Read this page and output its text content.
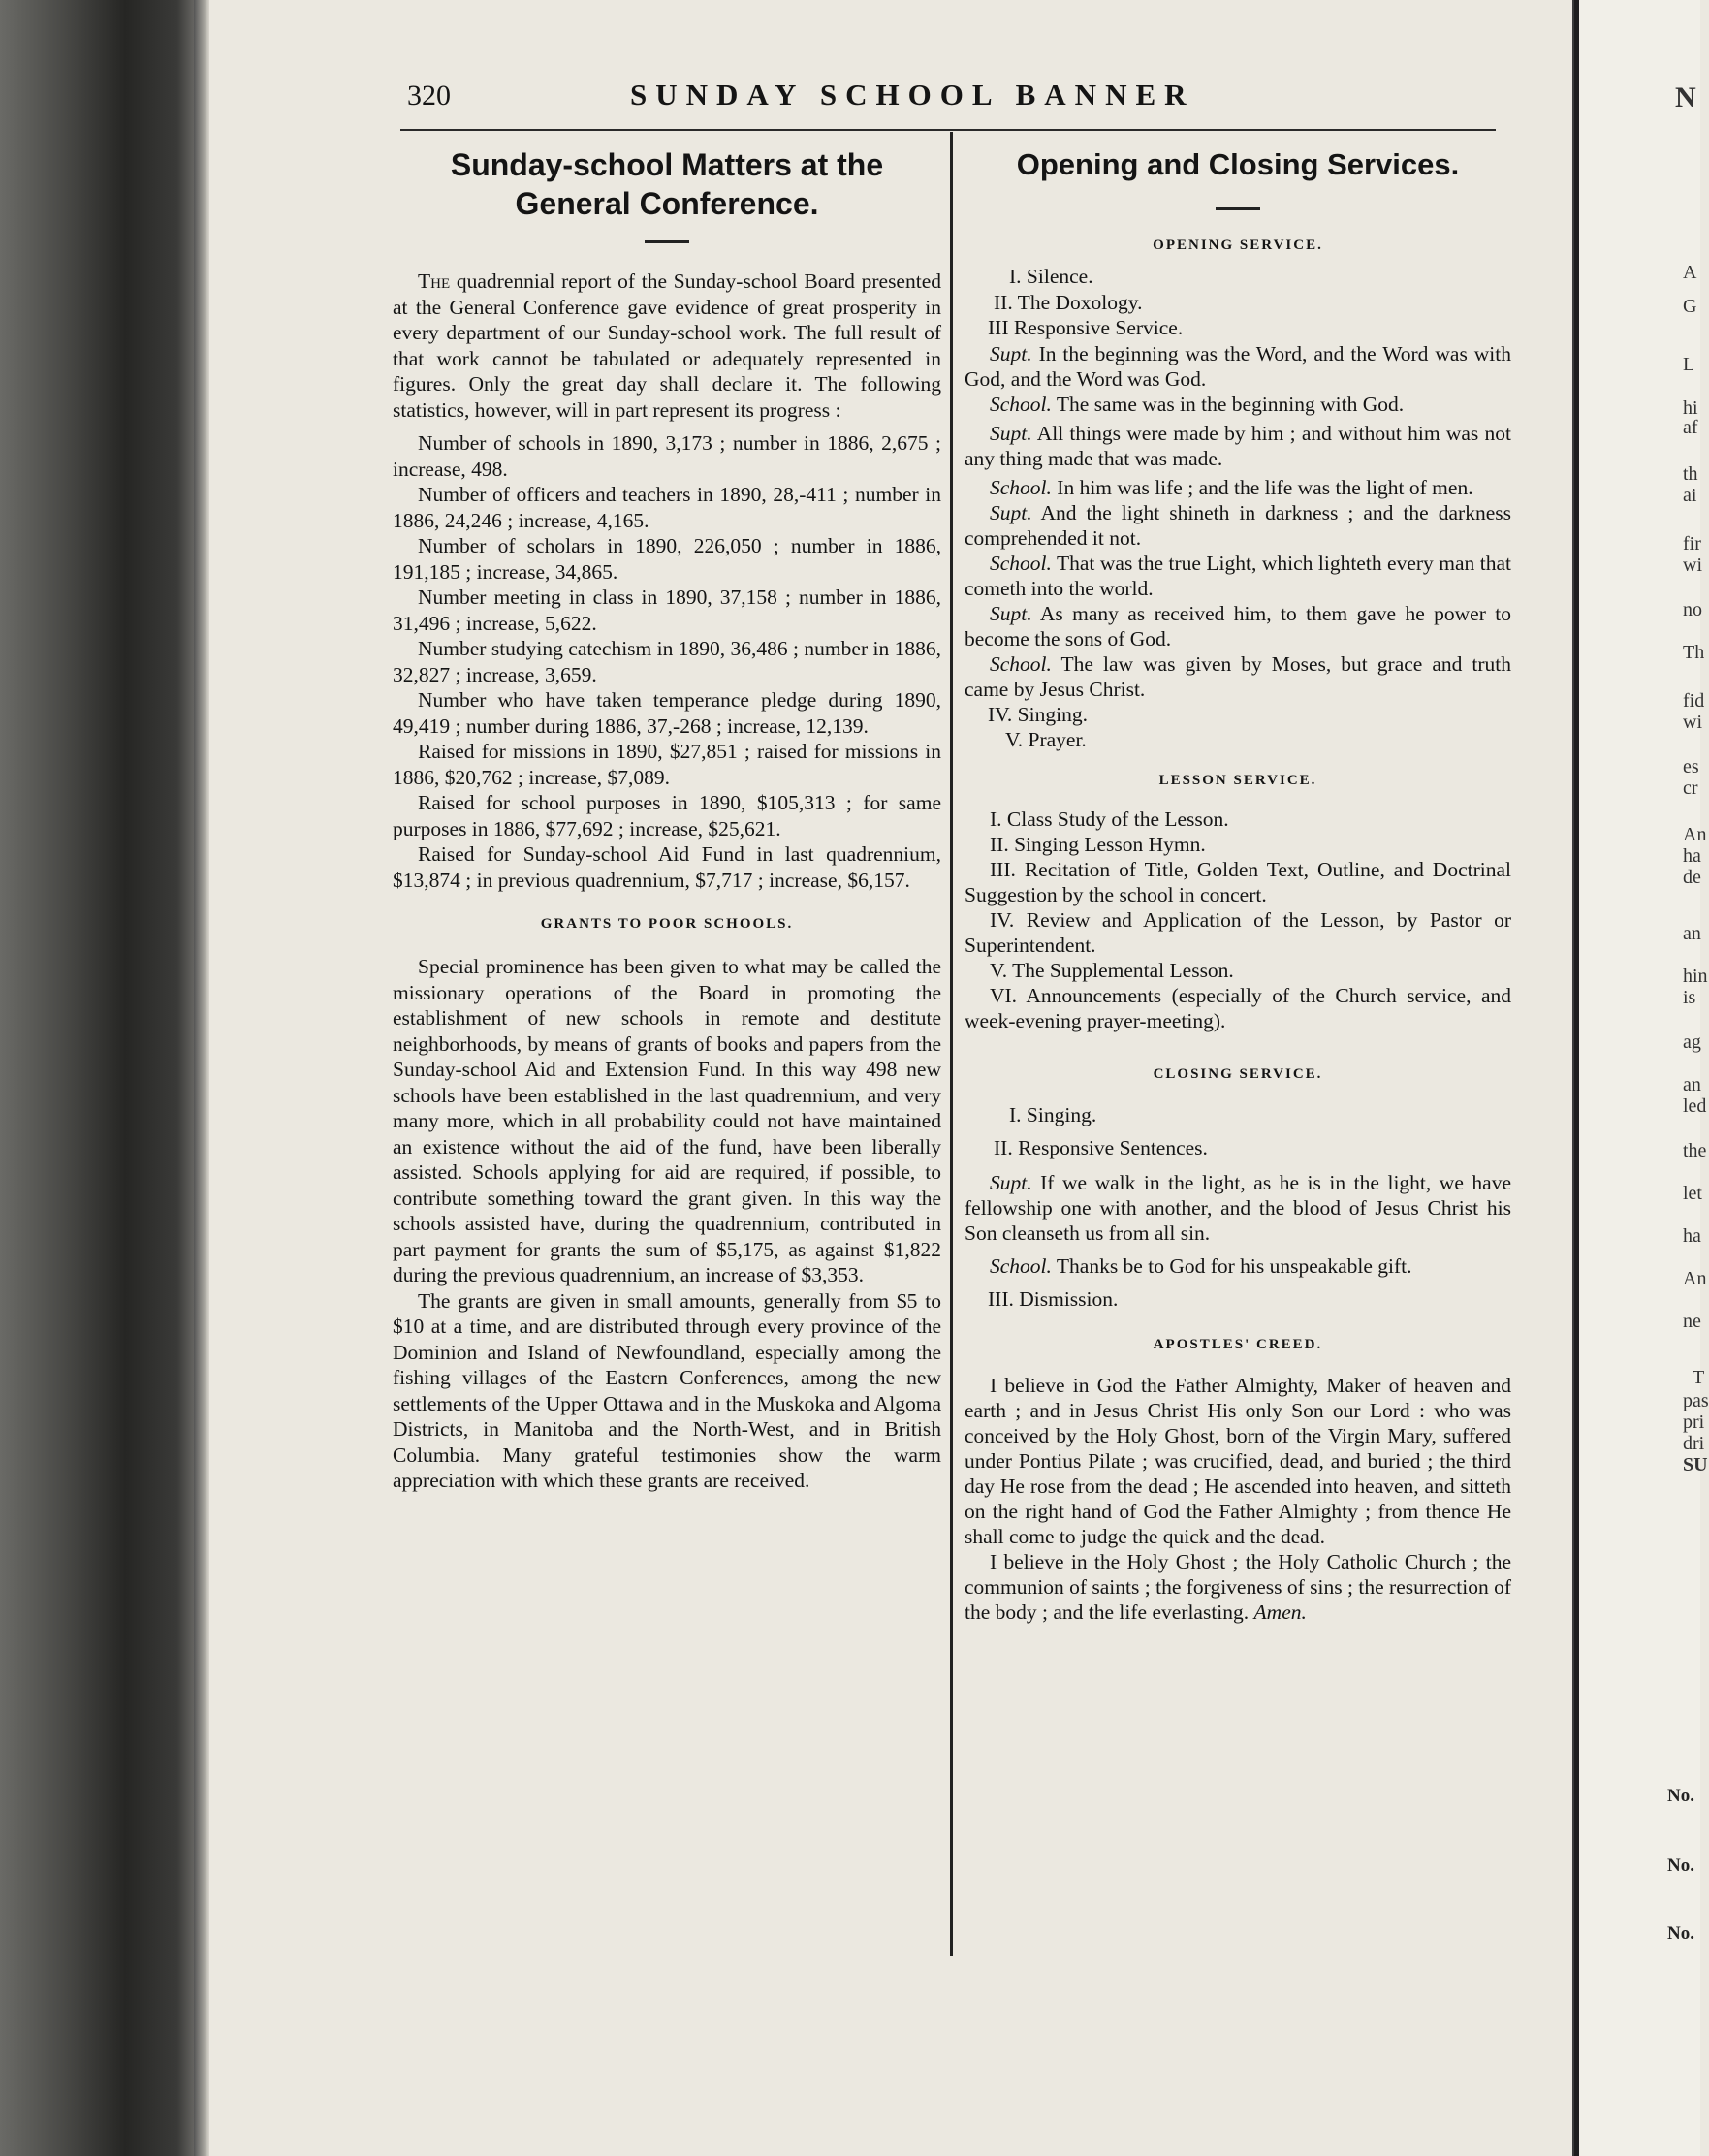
320	SUNDAY SCHOOL BANNER
Sunday-school Matters at the
General Conference.

The quadrennial report of the Sunday-school Board presented at the General Conference gave evidence of great prosperity in every department of our Sunday-school work. The full result of that work cannot be tabulated or adequately represented in figures. Only the great day shall declare it. The following statistics, however, will in part represent its progress :

Number of schools in 1890, 3,173 ; number in 1886, 2,675 ; increase, 498.

Number of officers and teachers in 1890, 28,-411 ; number in 1886, 24,246 ; increase, 4,165.

Number of scholars in 1890, 226,050 ; number in 1886, 191,185 ; increase, 34,865.

Number meeting in class in 1890, 37,158 ; number in 1886, 31,496 ; increase, 5,622.

Number studying catechism in 1890, 36,486 ; number in 1886, 32,827 ; increase, 3,659.

Number who have taken temperance pledge during 1890, 49,419 ; number during 1886, 37,-268 ; increase, 12,139.

Raised for missions in 1890, $27,851 ; raised for missions in 1886, $20,762 ; increase, $7,089.

Raised for school purposes in 1890, $105,313 ; for same purposes in 1886, $77,692 ; increase, $25,621.

Raised for Sunday-school Aid Fund in last quadrennium, $13,874 ; in previous quadrennium, $7,717 ; increase, $6,157.

GRANTS TO POOR SCHOOLS.

Special prominence has been given to what may be called the missionary operations of the Board in promoting the establishment of new schools in remote and destitute neighborhoods, by means of grants of books and papers from the Sunday-school Aid and Extension Fund. In this way 498 new schools have been established in the last quadrennium, and very many more, which in all probability could not have maintained an existence without the aid of the fund, have been liberally assisted. Schools applying for aid are required, if possible, to contribute something toward the grant given. In this way the schools assisted have, during the quadrennium, contributed in part payment for grants the sum of $5,175, as against $1,822 during the previous quadrennium, an increase of $3,353.

The grants are given in small amounts, generally from $5 to $10 at a time, and are distributed through every province of the Dominion and Island of Newfoundland, especially among the fishing villages of the Eastern Conferences, among the new settlements of the Upper Ottawa and in the Muskoka and Algoma Districts, in Manitoba and the North-West, and in British Columbia. Many grateful testimonies show the warm appreciation with which these grants are received.

Opening and Closing Services.

OPENING SERVICE.

I. Silence.

II. The Doxology.

III Responsive Service.

Supt. In the beginning was the Word, and the Word was with God, and the Word was God.

School. The same was in the beginning with God.

Supt. All things were made by him ; and without him was not any thing made that was made.

School. In him was life ; and the life was the light of men.

Supt. And the light shineth in darkness ; and the darkness comprehended it not.

School. That was the true Light, which lighteth every man that cometh into the world.

Supt. As many as received him, to them gave he power to become the sons of God.

School. The law was given by Moses, but grace and truth came by Jesus Christ.

IV. Singing.

V. Prayer.

LESSON SERVICE.

I. Class Study of the Lesson.

II. Singing Lesson Hymn.

III. Recitation of Title, Golden Text, Outline, and Doctrinal Suggestion by the school in concert.

IV. Review and Application of the Lesson, by Pastor or Superintendent.

V. The Supplemental Lesson.

VI. Announcements (especially of the Church service, and week-evening prayer-meeting).

CLOSING SERVICE.

I. Singing.

II. Responsive Sentences.

Supt. If we walk in the light, as he is in the light, we have fellowship one with another, and the blood of Jesus Christ his Son cleanseth us from all sin.

School. Thanks be to God for his unspeakable gift.

III. Dismission.

APOSTLES' CREED.

I believe in God the Father Almighty, Maker of heaven and earth ; and in Jesus Christ His only Son our Lord : who was conceived by the Holy Ghost, born of the Virgin Mary, suffered under Pontius Pilate ; was crucified, dead, and buried ; the third day He rose from the dead ; He ascended into heaven, and sitteth on the right hand of God the Father Almighty ; from thence He shall come to judge the quick and the dead.

I believe in the Holy Ghost ; the Holy Catholic Church ; the communion of saints ; the forgiveness of sins ; the resurrection of the body ; and the life everlasting. Amen.

N
A
G
L
hi
af
th
ai
fir
wi
no
Th
fid
wi
es
cr
An
ha
de
an
hin
is
ag
an
led
the
let
ha
An
ne
T
pas
pri
dri
SU
No.
No.
No.
